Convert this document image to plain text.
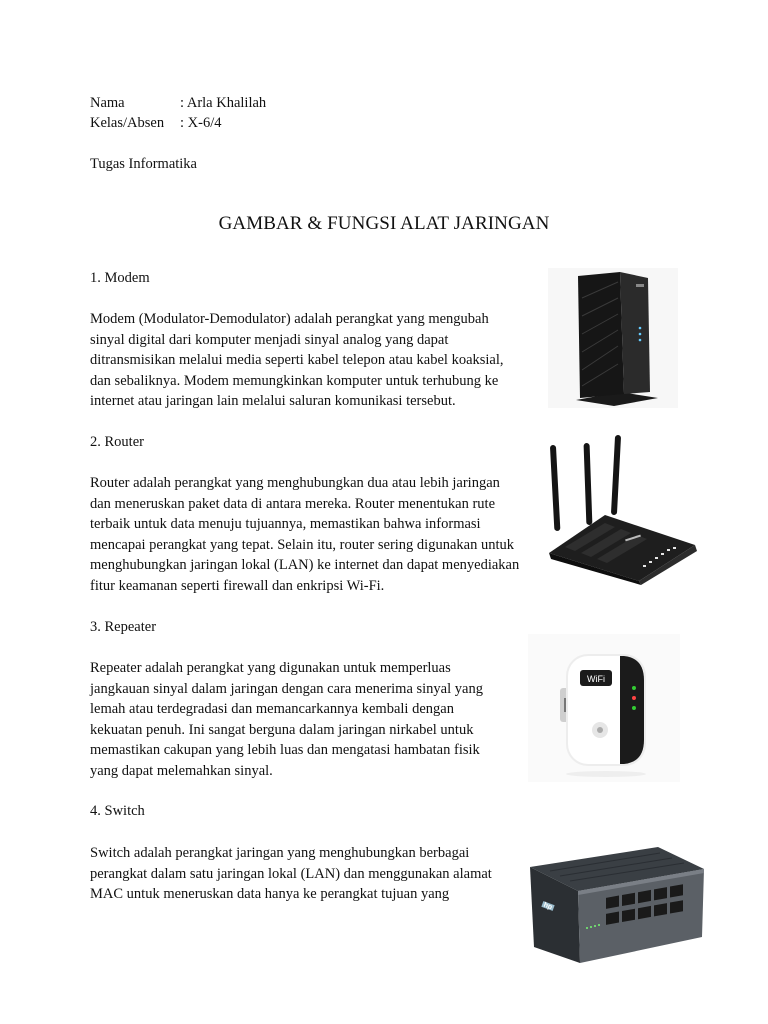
Nama	: Arla Khalilah
Kelas/Absen : X-6/4
Tugas Informatika
GAMBAR & FUNGSI ALAT JARINGAN
1. Modem
Modem (Modulator-Demodulator) adalah perangkat yang mengubah
sinyal digital dari komputer menjadi sinyal analog yang dapat
ditransmisikan melalui media seperti kabel telepon atau kabel koaksial,
dan sebaliknya. Modem memungkinkan komputer untuk terhubung ke
internet atau jaringan lain melalui saluran komunikasi tersebut.
2. Router
Router adalah perangkat yang menghubungkan dua atau lebih jaringan
dan meneruskan paket data di antara mereka. Router menentukan rute
terbaik untuk data menuju tujuannya, memastikan bahwa informasi
mencapai perangkat yang tepat. Selain itu, router sering digunakan untuk
menghubungkan jaringan lokal (LAN) ke internet dan dapat menyediakan
fitur keamanan seperti firewall dan enkripsi Wi-Fi.
3. Repeater
Repeater adalah perangkat yang digunakan untuk memperluas
jangkauan sinyal dalam jaringan dengan cara menerima sinyal yang
lemah atau terdegradasi dan memancarkannya kembali dengan
kekuatan penuh. Ini sangat berguna dalam jaringan nirkabel untuk
memastikan cakupan yang lebih luas dan mengatasi hambatan fisik
yang dapat melemahkan sinyal.
WiFi
4. Switch
Switch adalah perangkat jaringan yang menghubungkan berbagai
perangkat dalam satu jaringan lokal (LAN) dan menggunakan alamat
MAC untuk meneruskan data hanya ke perangkat tujuan yang
hp
